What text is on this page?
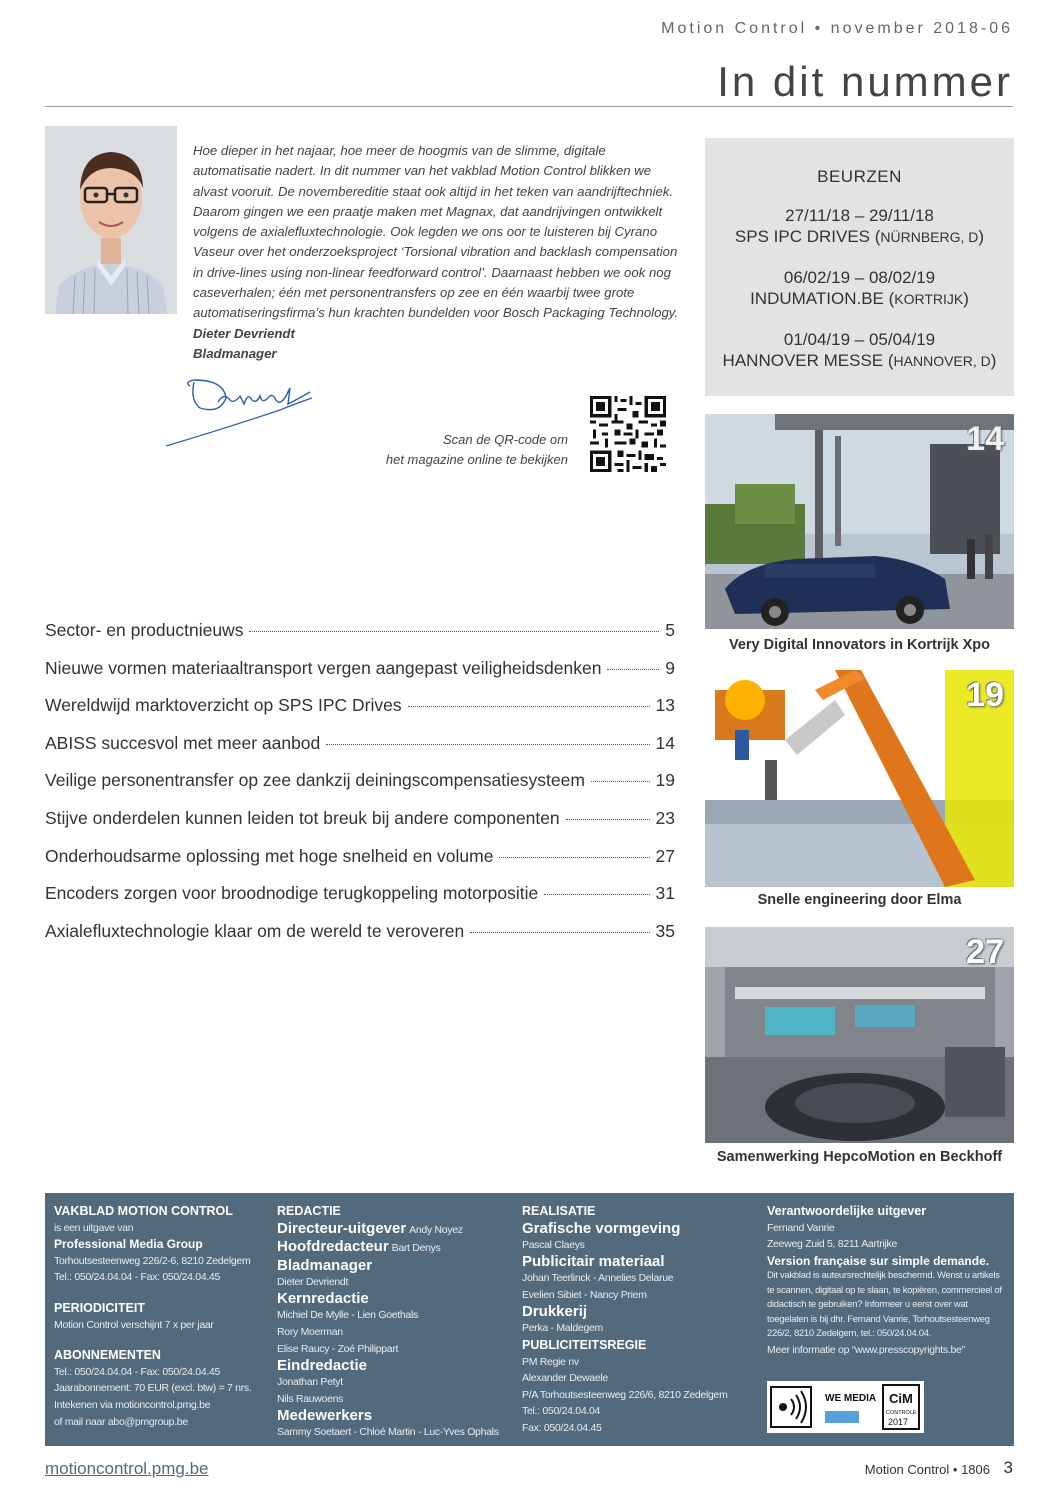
Motion Control • november 2018-06
In dit nummer
Hoe dieper in het najaar, hoe meer de hoogmis van de slimme, digitale automatisatie nadert. In dit nummer van het vakblad Motion Control blikken we alvast vooruit. De novembereditie staat ook altijd in het teken van aandrijftechniek. Daarom gingen we een praatje maken met Magnax, dat aandrijvingen ontwikkelt volgens de axialefluxtechnologie. Ook legden we ons oor te luisteren bij Cyrano Vaseur over het onderzoeksproject ‘Torsional vibration and backlash compensation in drive-lines using non-linear feedforward control’. Daarnaast hebben we ook nog caseverhalen; één met personentransfers op zee en één waarbij twee grote automatiseringsfirma’s hun krachten bundelden voor Bosch Packaging Technology.
Dieter Devriendt
Bladmanager
Scan de QR-code om
het magazine online te bekijken
BEURZEN
27/11/18 – 29/11/18
SPS IPC DRIVES (NÜRNBERG, D)
06/02/19 – 08/02/19
INDUMATION.BE (KORTRIJK)
01/04/19 – 05/04/19
HANNOVER MESSE (HANNOVER, D)
14
Very Digital Innovators in Kortrijk Xpo
19
Snelle engineering door Elma
27
Samenwerking HepcoMotion en Beckhoff
Sector- en productnieuws	5
Nieuwe vormen materiaaltransport vergen aangepast veiligheidsdenken	9
Wereldwijd marktoverzicht op SPS IPC Drives	13
ABISS succesvol met meer aanbod	14
Veilige personentransfer op zee dankzij deiningscompensatiesysteem	19
Stijve onderdelen kunnen leiden tot breuk bij andere componenten	23
Onderhoudsarme oplossing met hoge snelheid en volume	27
Encoders zorgen voor broodnodige terugkoppeling motorpositie	31
Axialefluxtechnologie klaar om de wereld te veroveren	35
VAKBLAD MOTION CONTROL
is een uitgave van
Professional Media Group
Torhoutsesteenweg 226/2-6, 8210 Zedelgem
Tel.: 050/24.04.04 - Fax: 050/24.04.45
PERIODICITEIT
Motion Control verschijnt 7 x per jaar
ABONNEMENTEN
Tel.: 050/24.04.04 - Fax: 050/24.04.45
Jaarabonnement: 70 EUR (excl. btw) = 7 nrs.
Intekenen via motioncontrol.pmg.be
of mail naar abo@pmgroup.be
REDACTIE
Directeur-uitgever Andy Noyez
Hoofdredacteur Bart Denys
Bladmanager
Dieter Devriendt
Kernredactie
Michiel De Mylle - Lien Goethals
Rory Moerman
Elise Raucy - Zoé Philippart
Eindredactie
Jonathan Petyt
Nils Rauwoens
Medewerkers
Sammy Soetaert - Chloé Martin - Luc-Yves Ophals
REALISATIE
Grafische vormgeving
Pascal Claeys
Publicitair materiaal
Johan Teerlinck - Annelies Delarue
Evelien Sibiet - Nancy Priem
Drukkerij
Perka - Maldegem
PUBLICITEITSREGIE
PM Regie nv
Alexander Dewaele
P/A Torhoutsesteenweg 226/6, 8210 Zedelgem
Tel.: 050/24.04.04
Fax: 050/24.04.45
Verantwoordelijke uitgever
Fernand Vanrie
Zeeweg Zuid 5, 8211 Aartrijke
Version française sur simple demande.
Dit vakblad is auteursrechtelijk beschermd. Wenst u artikels te scannen, digitaal op te slaan, te kopiëren, commercieel of didactisch te gebruiken? Informeer u eerst over wat toegelaten is bij dhr. Fernand Vanrie, Torhoutsesteenweg 226/2, 8210 Zedelgem, tel.: 050/24.04.04.
Meer informatie op “www.presscopyrights.be”
WE MEDIA CiM
CONTROLE
2017
motioncontrol.pmg.be	Motion Control • 1806 3
